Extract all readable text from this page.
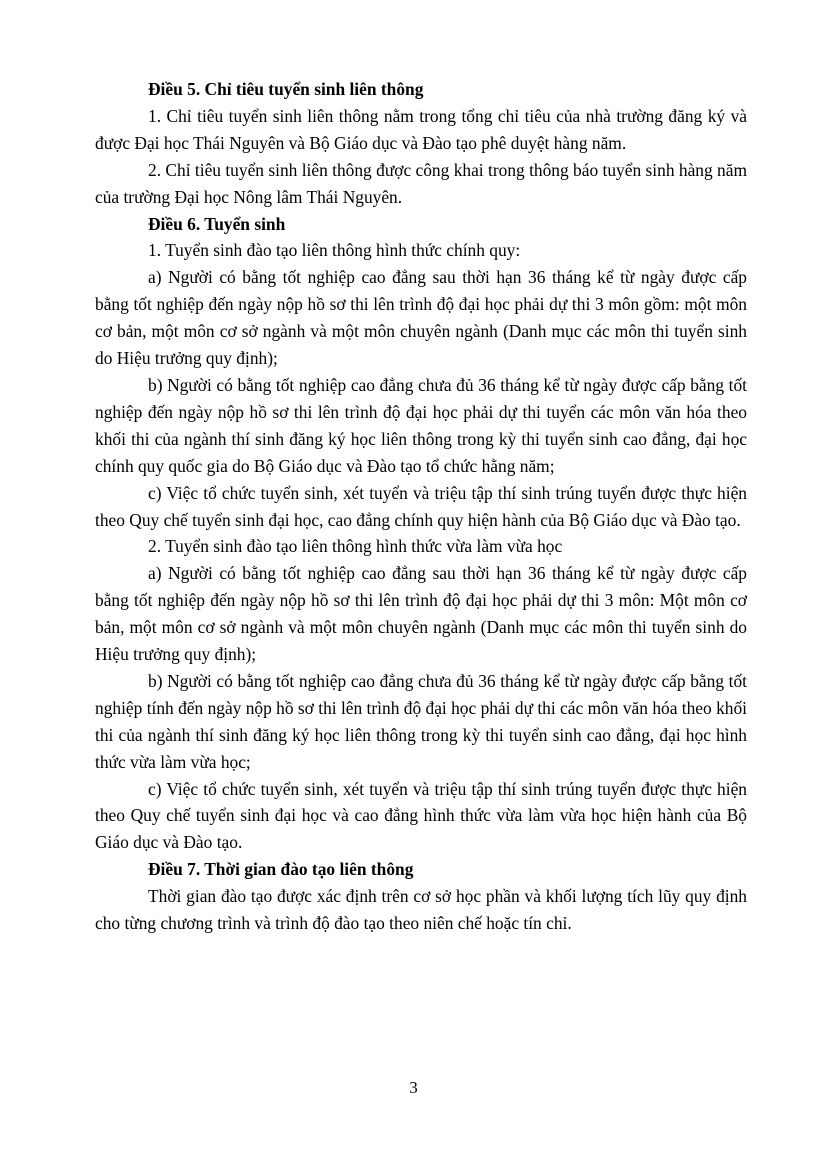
Điều 5. Chỉ tiêu tuyển sinh liên thông

1. Chỉ tiêu tuyển sinh liên thông nằm trong tổng chỉ tiêu của nhà trường đăng ký và được Đại học Thái Nguyên và Bộ Giáo dục và Đào tạo phê duyệt hàng năm.

2. Chỉ tiêu tuyển sinh liên thông được công khai trong thông báo tuyển sinh hàng năm của trường Đại học Nông lâm Thái Nguyên.

Điều 6. Tuyển sinh

1. Tuyển sinh đào tạo liên thông hình thức chính quy:

a) Người có bằng tốt nghiệp cao đẳng sau thời hạn 36 tháng kể từ ngày được cấp bằng tốt nghiệp đến ngày nộp hồ sơ thi lên trình độ đại học phải dự thi 3 môn gồm: một môn cơ bản, một môn cơ sở ngành và một môn chuyên ngành (Danh mục các môn thi tuyển sinh do Hiệu trưởng quy định);

b) Người có bằng tốt nghiệp cao đẳng chưa đủ 36 tháng kể từ ngày được cấp bằng tốt nghiệp đến ngày nộp hồ sơ thi lên trình độ đại học phải dự thi tuyển các môn văn hóa theo khối thi của ngành thí sinh đăng ký học liên thông trong kỳ thi tuyển sinh cao đẳng, đại học chính quy quốc gia do Bộ Giáo dục và Đào tạo tổ chức hằng năm;

c) Việc tổ chức tuyển sinh, xét tuyển và triệu tập thí sinh trúng tuyển được thực hiện theo Quy chế tuyển sinh đại học, cao đẳng chính quy hiện hành của Bộ Giáo dục và Đào tạo.

2. Tuyển sinh đào tạo liên thông hình thức vừa làm vừa học

a) Người có bằng tốt nghiệp cao đẳng sau thời hạn 36 tháng kể từ ngày được cấp bằng tốt nghiệp đến ngày nộp hồ sơ thi lên trình độ đại học phải dự thi 3 môn: Một môn cơ bản, một môn cơ sở ngành và một môn chuyên ngành (Danh mục các môn thi tuyển sinh do Hiệu trưởng quy định);

b) Người có bằng tốt nghiệp cao đẳng chưa đủ 36 tháng kể từ ngày được cấp bằng tốt nghiệp tính đến ngày nộp hồ sơ thi lên trình độ đại học phải dự thi các môn văn hóa theo khối thi của ngành thí sinh đăng ký học liên thông trong kỳ thi tuyển sinh cao đẳng, đại học hình thức vừa làm vừa học;

c) Việc tổ chức tuyển sinh, xét tuyển và triệu tập thí sinh trúng tuyển được thực hiện theo Quy chế tuyển sinh đại học và cao đẳng hình thức vừa làm vừa học hiện hành của Bộ Giáo dục và Đào tạo.

Điều 7. Thời gian đào tạo liên thông

Thời gian đào tạo được xác định trên cơ sở học phần và khối lượng tích lũy quy định cho từng chương trình và trình độ đào tạo theo niên chế hoặc tín chỉ.

3
